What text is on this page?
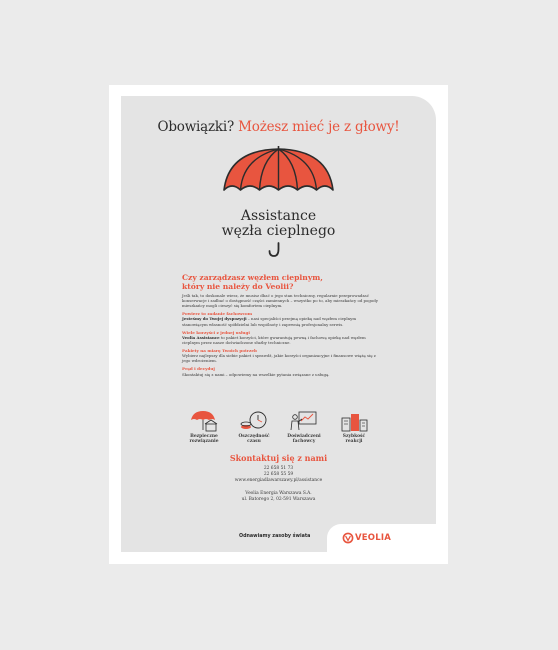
Obowiązki? Możesz mieć je z głowy!
Assistance
węzła cieplnego
Czy zarządzasz węzłem cieplnym,
który nie należy do Veolii?
Jeśli tak, to doskonale wiesz, że musisz dbać o jego stan techniczny, regularnie przeprowadzać konserwacje i zadbać o dostępność części zamiennych – wszystko po to, aby mieszkańcy od pogody mieszkańcy mogli cieszyć się komfortem cieplnym.
Powierz to zadanie fachowcom
Jesteśmy do Twojej dyspozycji – nasi specjaliści przejmą opiekę nad węzłem cieplnym stanowiącym własność spółdzielni lub wspólnoty i zapewnią profesjonalny serwis.
Wiele korzyści z jednej usługi
Veolia Assistance to pakiet korzyści, które gwarantują pewną i fachową opiekę nad węzłem cieplnym przez nasze doświadczone służby techniczne.
Pakiety na miarę Twoich potrzeb
Wybierz najlepszy dla siebie pakiet i sprawdź, jakie korzyści organizacyjne i finansowe wiążą się z jego wdrożeniem.
Prąd i decyduj
Skontaktuj się z nami – odpowiemy na wszelkie pytania związane z usługą.
Bezpieczne
rozwiązanie
Oszczędność
czasu
Doświadczeni
fachowcy
Szybkość
reakcji
Skontaktuj się z nami
22 658 51 73
22 658 55 59
www.energiadlawarszawy.pl/assistance
Veolia Energia Warszawa S.A.
ul. Batorego 2, 02-591 Warszawa
Odnawiamy zasoby świata	VEOLIA
